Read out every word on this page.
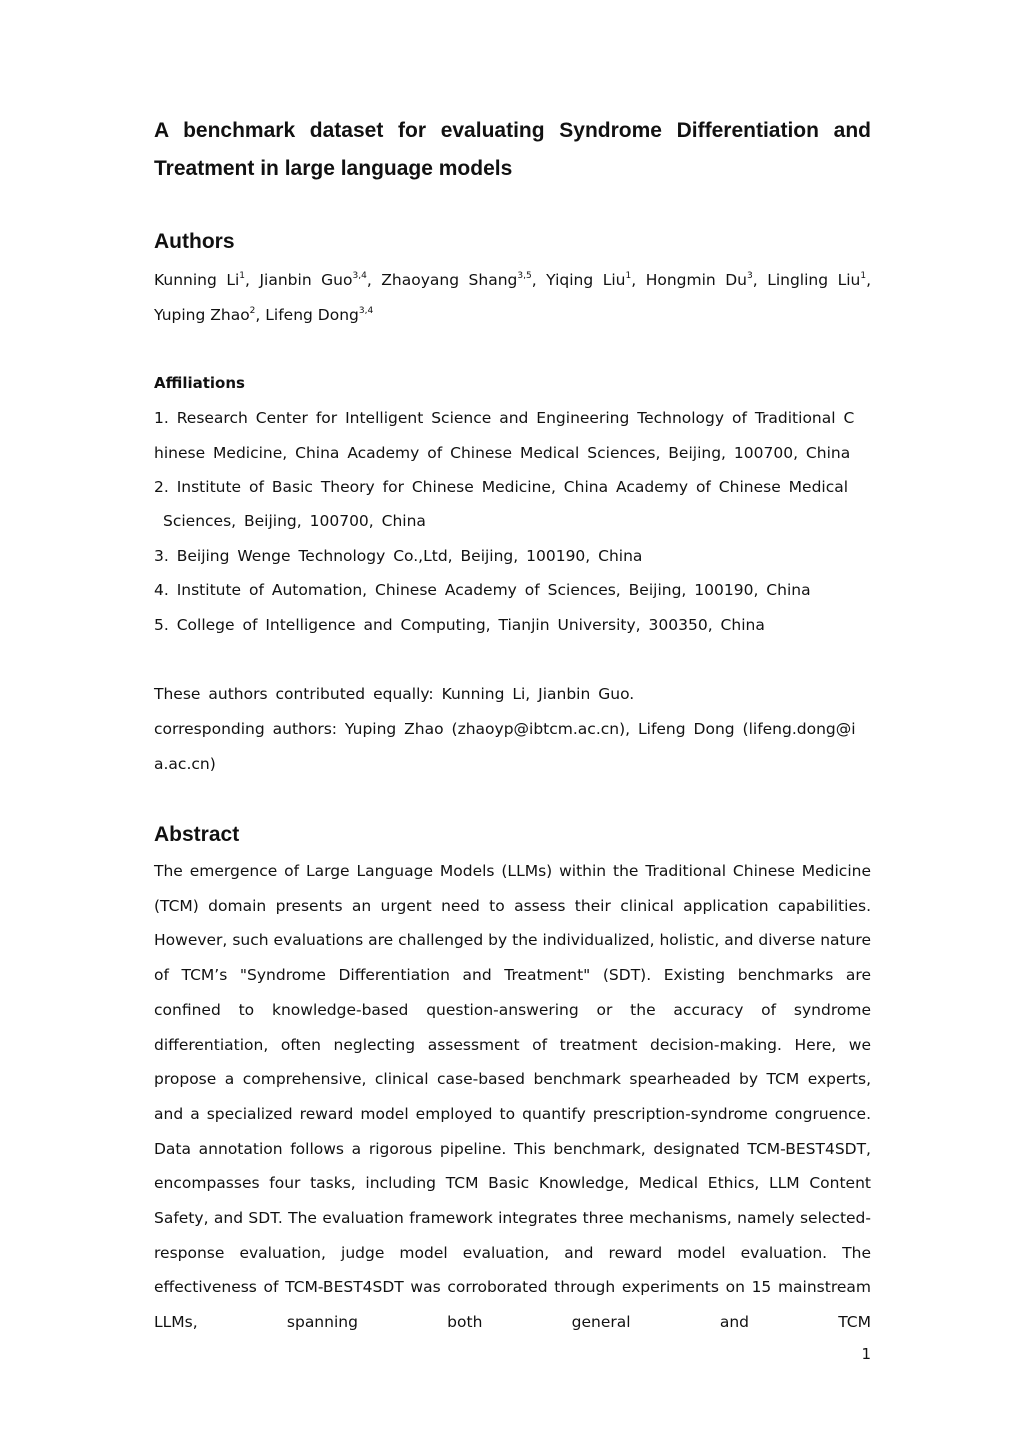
A benchmark dataset for evaluating Syndrome Differentiation and Treatment in large language models
Authors
Kunning Li$^1$, Jianbin Guo$^{3,4}$, Zhaoyang Shang$^{3,5}$, Yiqing Liu$^1$, Hongmin Du$^3$, Lingling Liu$^1$, Yuping Zhao$^2$, Lifeng Dong$^{3,4}$
Affiliations
1. Research Center for Intelligent Science and Engineering Technology of Traditional C
hinese Medicine, China Academy of Chinese Medical Sciences, Beijing, 100700, China
2. Institute of Basic Theory for Chinese Medicine, China Academy of Chinese Medical
Sciences, Beijing, 100700, China
3. Beijing Wenge Technology Co.,Ltd, Beijing, 100190, China
4. Institute of Automation, Chinese Academy of Sciences, Beijing, 100190, China
5. College of Intelligence and Computing, Tianjin University, 300350, China
These authors contributed equally: Kunning Li, Jianbin Guo.
corresponding authors: Yuping Zhao (zhaoyp@ibtcm.ac.cn), Lifeng Dong (lifeng.dong@i
a.ac.cn)
Abstract
The emergence of Large Language Models (LLMs) within the Traditional Chinese Medicine (TCM) domain presents an urgent need to assess their clinical application capabilities. However, such evaluations are challenged by the individualized, holistic, and diverse nature of TCM’s "Syndrome Differentiation and Treatment" (SDT). Existing benchmarks are confined to knowledge-based question-answering or the accuracy of syndrome differentiation, often neglecting assessment of treatment decision-making. Here, we propose a comprehensive, clinical case-based benchmark spearheaded by TCM experts, and a specialized reward model employed to quantify prescription-syndrome congruence. Data annotation follows a rigorous pipeline. This benchmark, designated TCM-BEST4SDT, encompasses four tasks, including TCM Basic Knowledge, Medical Ethics, LLM Content Safety, and SDT. The evaluation framework integrates three mechanisms, namely selected-response evaluation, judge model evaluation, and reward model evaluation. The effectiveness of TCM-BEST4SDT was corroborated through experiments on 15 mainstream LLMs, spanning both general and TCM
1
